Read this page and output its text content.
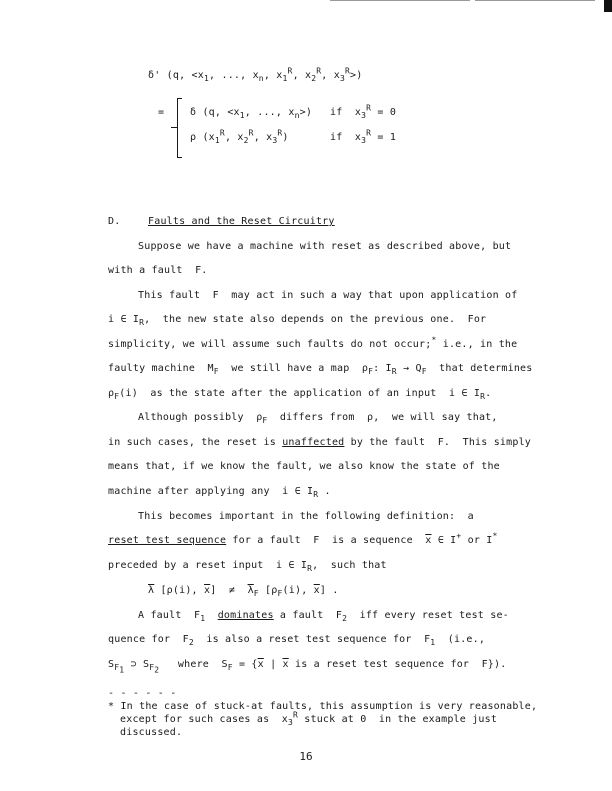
δ' (q, $<x_1$, ..., $x_n$, $x_1^R$, $x_2^R$, $x_3^R>$)
=	δ (q, $<x_1$, ..., $x_n>$) if  $x_3^R = 0$
ρ ($x_1^R$, $x_2^R$, $x_3^R$)	if  $x_3^R = 1$
D.	Faults and the Reset Circuitry
Suppose we have a machine with reset as described above, but
with a fault  F.
This fault  F  may act in such a way that upon application of
i ∈ $I_R$,  the new state also depends on the previous one.  For
simplicity, we will assume such faults do not occur;* i.e., in the
faulty machine  $M_F$  we still have a map  $\rho_F$: $I_R \to Q_F$  that determines
$\rho_F(i)$  as the state after the application of an input  i ∈ $I_R$.
Although possibly  $\rho_F$  differs from  ρ,  we will say that,
in such cases, the reset is unaffected by the fault  F.  This simply
means that, if we know the fault, we also know the state of the
machine after applying any  i ∈ $I_R$ .
This becomes important in the following definition:  a
reset test sequence for a fault  F  is a sequence  $\overline{x}$ ∈ I+ or I*
preceded by a reset input  i ∈ $I_R$,  such that
$\overline{\lambda}$ [ρ(i), $\overline{x}] \ne \overline{\lambda}_F$ [$\rho_F(i)$, $\overline{x}$] .
A fault  $F_1$ dominates a fault  $F_2$  iff every reset test se-
quence for  $F_2$  is also a reset test sequence for  $F_1$  (i.e.,
$S_{F_1}$ ⊃ $S_{F_2}$   where  $S_F = \{\overline{x}$ | $\overline{x}$ is a reset test sequence for  F}).
- - - - - -
* In the case of stuck-at faults, this assumption is very reasonable,
except for such cases as  $x_3^R$ stuck at 0  in the example just
discussed.
16
